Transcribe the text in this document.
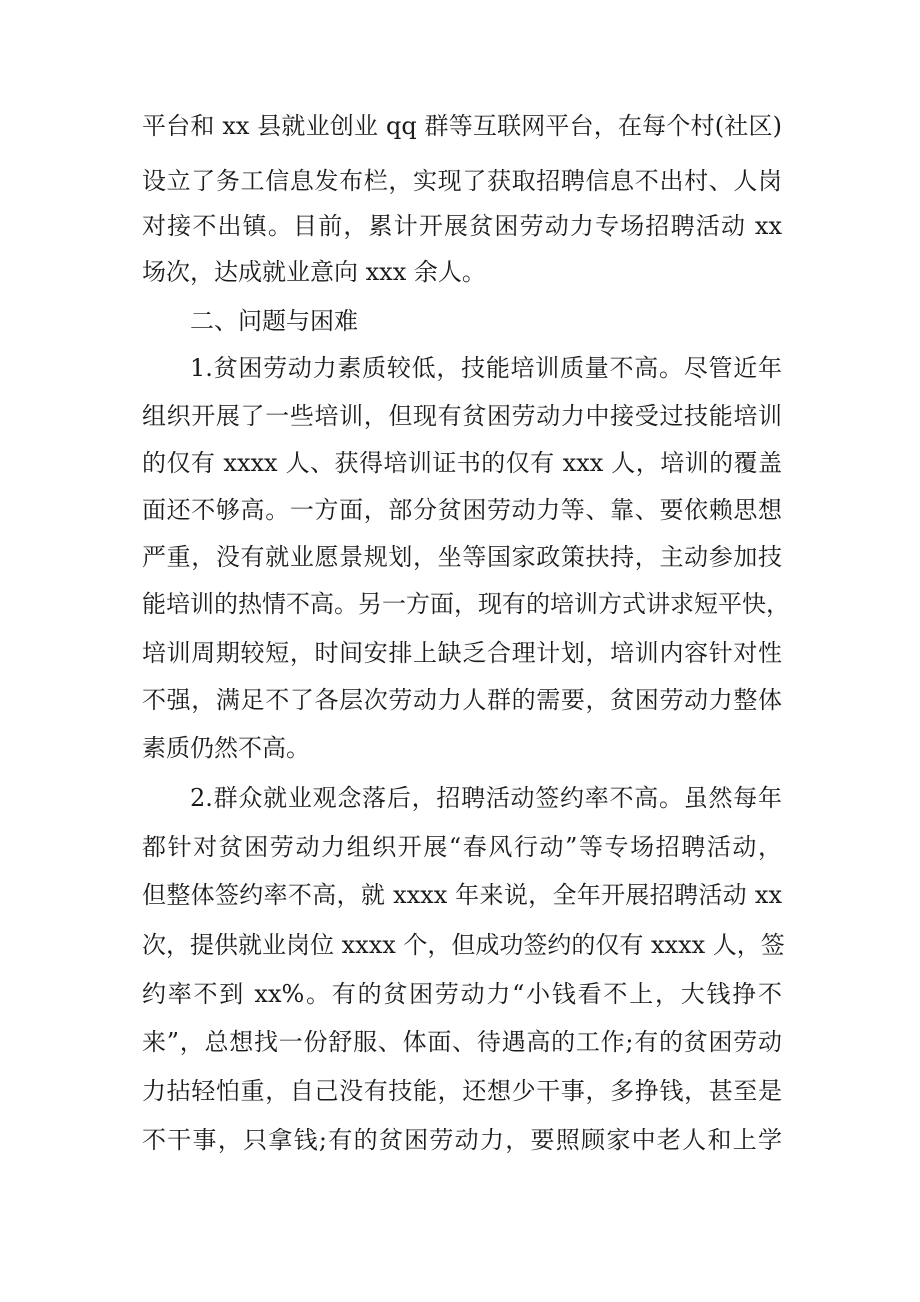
平台和 xx 县就业创业 qq 群等互联网平台，在每个村(社区)

设立了务工信息发布栏，实现了获取招聘信息不出村、人岗

对接不出镇。目前，累计开展贫困劳动力专场招聘活动 xx

场次，达成就业意向 xxx 余人。

二、问题与困难

1.贫困劳动力素质较低，技能培训质量不高。尽管近年

组织开展了一些培训，但现有贫困劳动力中接受过技能培训

的仅有 xxxx 人、获得培训证书的仅有 xxx 人，培训的覆盖

面还不够高。一方面，部分贫困劳动力等、靠、要依赖思想

严重，没有就业愿景规划，坐等国家政策扶持，主动参加技

能培训的热情不高。另一方面，现有的培训方式讲求短平快，

培训周期较短，时间安排上缺乏合理计划，培训内容针对性

不强，满足不了各层次劳动力人群的需要，贫困劳动力整体

素质仍然不高。

2.群众就业观念落后，招聘活动签约率不高。虽然每年

都针对贫困劳动力组织开展“春风行动”等专场招聘活动，

但整体签约率不高，就 xxxx 年来说，全年开展招聘活动 xx

次，提供就业岗位 xxxx 个，但成功签约的仅有 xxxx 人，签

约率不到 xx%。有的贫困劳动力“小钱看不上，大钱挣不

来”，总想找一份舒服、体面、待遇高的工作;有的贫困劳动

力拈轻怕重，自己没有技能，还想少干事，多挣钱，甚至是

不干事，只拿钱;有的贫困劳动力，要照顾家中老人和上学
